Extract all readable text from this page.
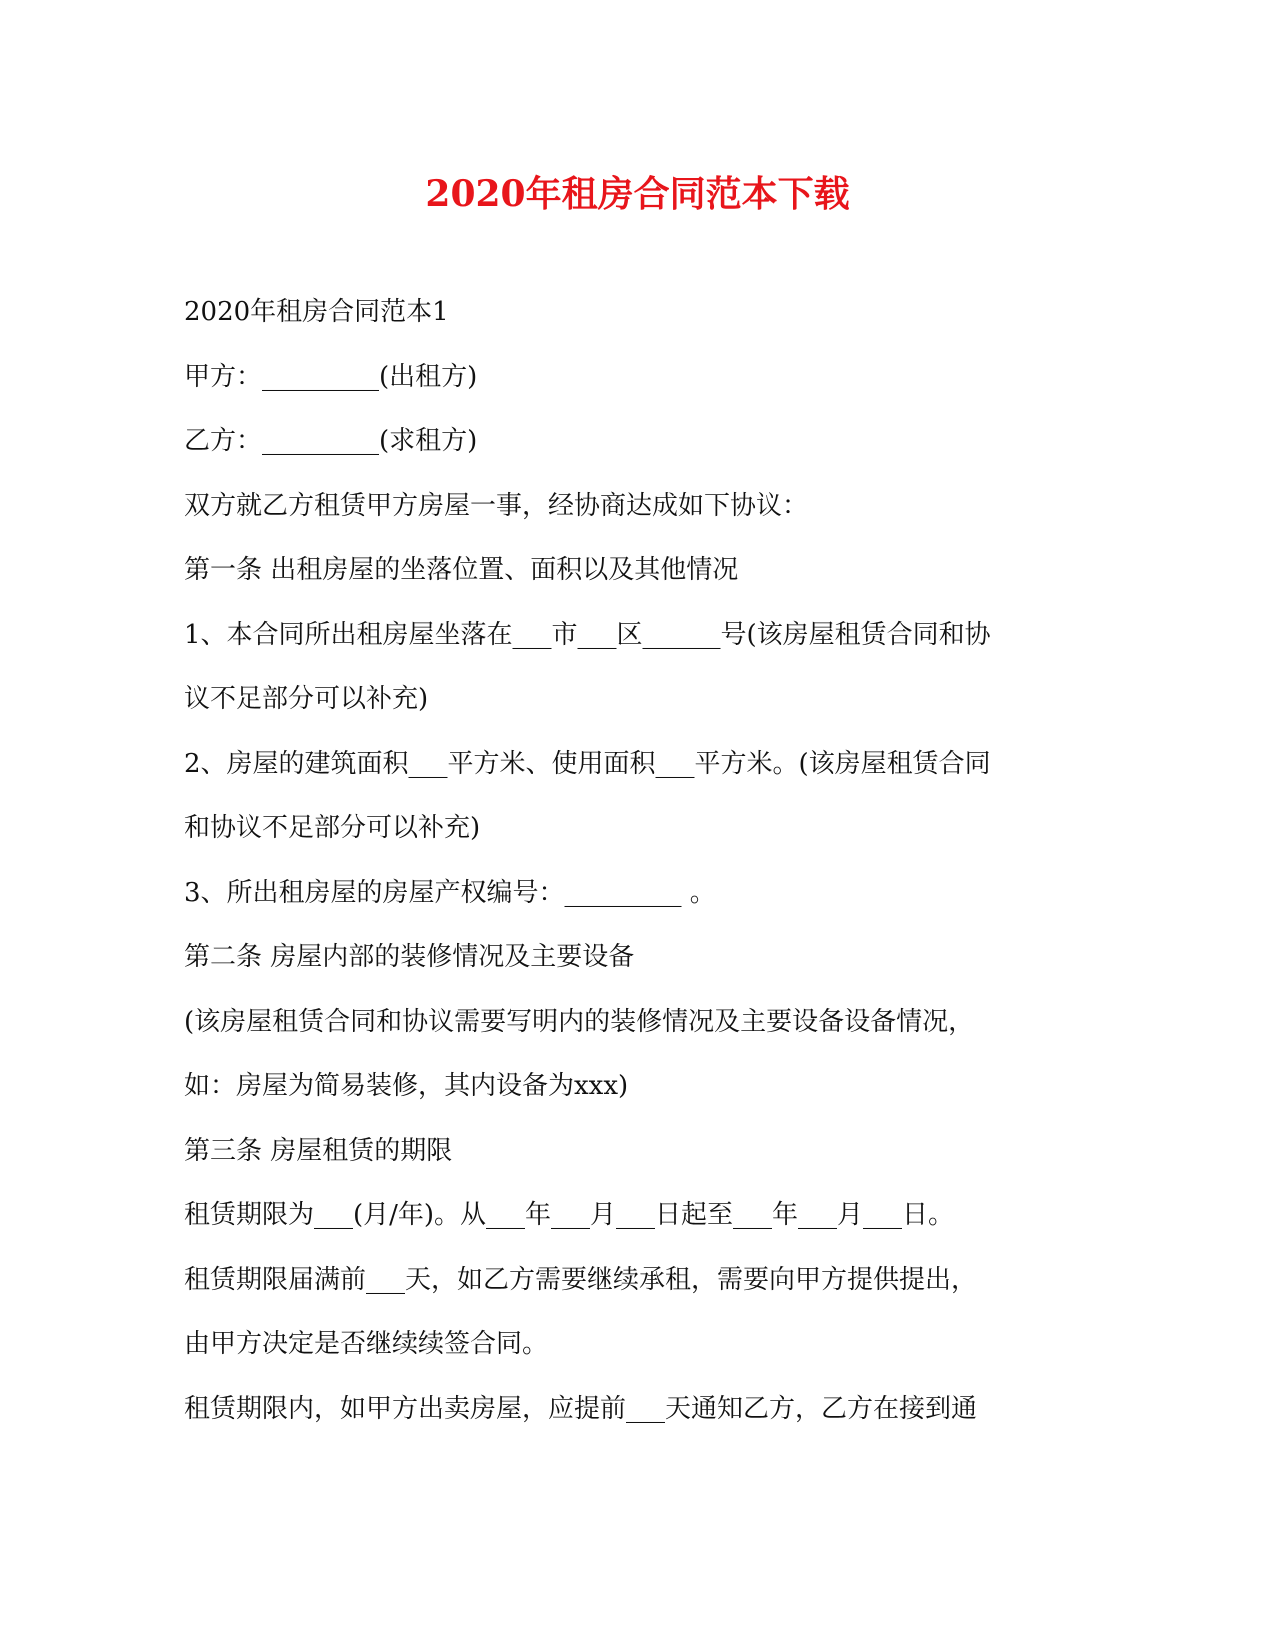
2020年租房合同范本下载
2020年租房合同范本1
甲方：_________(出租方)
乙方：_________(求租方)
双方就乙方租赁甲方房屋一事，经协商达成如下协议：
第一条 出租房屋的坐落位置、面积以及其他情况
1、本合同所出租房屋坐落在___市___区______号(该房屋租赁合同和协
议不足部分可以补充)
2、房屋的建筑面积___平方米、使用面积___平方米。(该房屋租赁合同
和协议不足部分可以补充)
3、所出租房屋的房屋产权编号：_________ 。
第二条 房屋内部的装修情况及主要设备
(该房屋租赁合同和协议需要写明内的装修情况及主要设备设备情况，
如：房屋为简易装修，其内设备为xxx)
第三条 房屋租赁的期限
租赁期限为___(月/年)。从___年___月___日起至___年___月___日。
租赁期限届满前___天，如乙方需要继续承租，需要向甲方提供提出，
由甲方决定是否继续续签合同。
租赁期限内，如甲方出卖房屋，应提前___天通知乙方，乙方在接到通
